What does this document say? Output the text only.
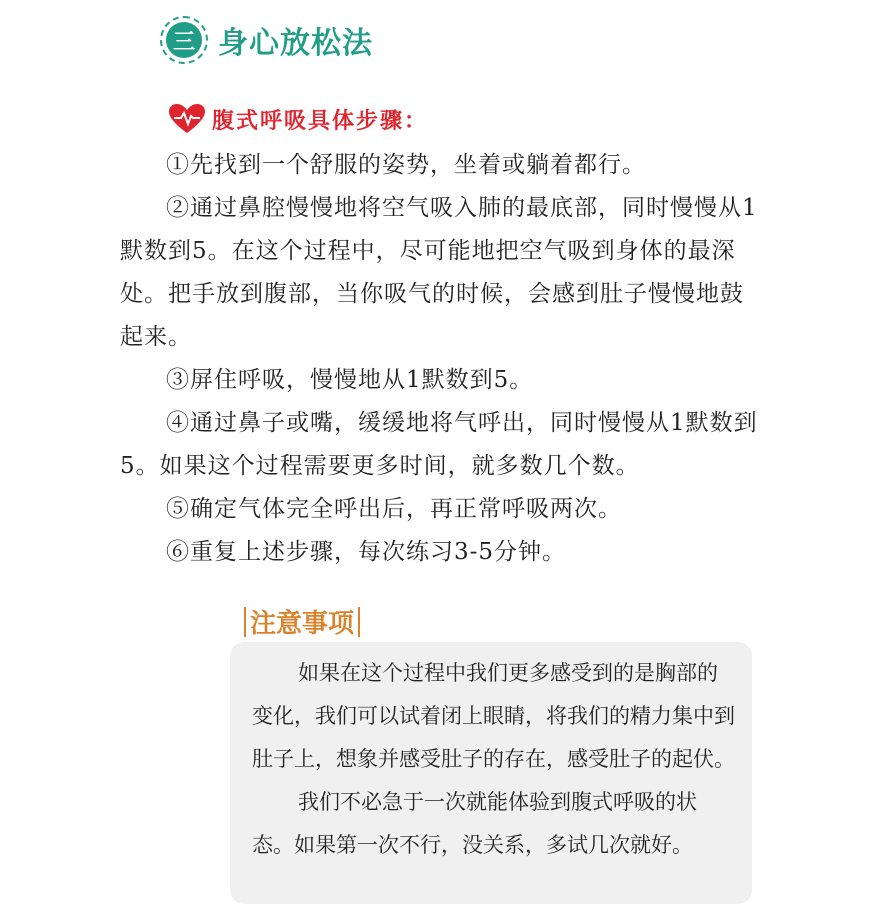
三 身心放松法
腹式呼吸具体步骤：

①先找到一个舒服的姿势，坐着或躺着都行。

②通过鼻腔慢慢地将空气吸入肺的最底部，同时慢慢从1默数到5。在这个过程中，尽可能地把空气吸到身体的最深处。把手放到腹部，当你吸气的时候，会感到肚子慢慢地鼓起来。

③屏住呼吸，慢慢地从1默数到5。

④通过鼻子或嘴，缓缓地将气呼出，同时慢慢从1默数到5。如果这个过程需要更多时间，就多数几个数。

⑤确定气体完全呼出后，再正常呼吸两次。

⑥重复上述步骤，每次练习3-5分钟。

注意事项

如果在这个过程中我们更多感受到的是胸部的变化，我们可以试着闭上眼睛，将我们的精力集中到肚子上，想象并感受肚子的存在，感受肚子的起伏。

我们不必急于一次就能体验到腹式呼吸的状态。如果第一次不行，没关系，多试几次就好。
